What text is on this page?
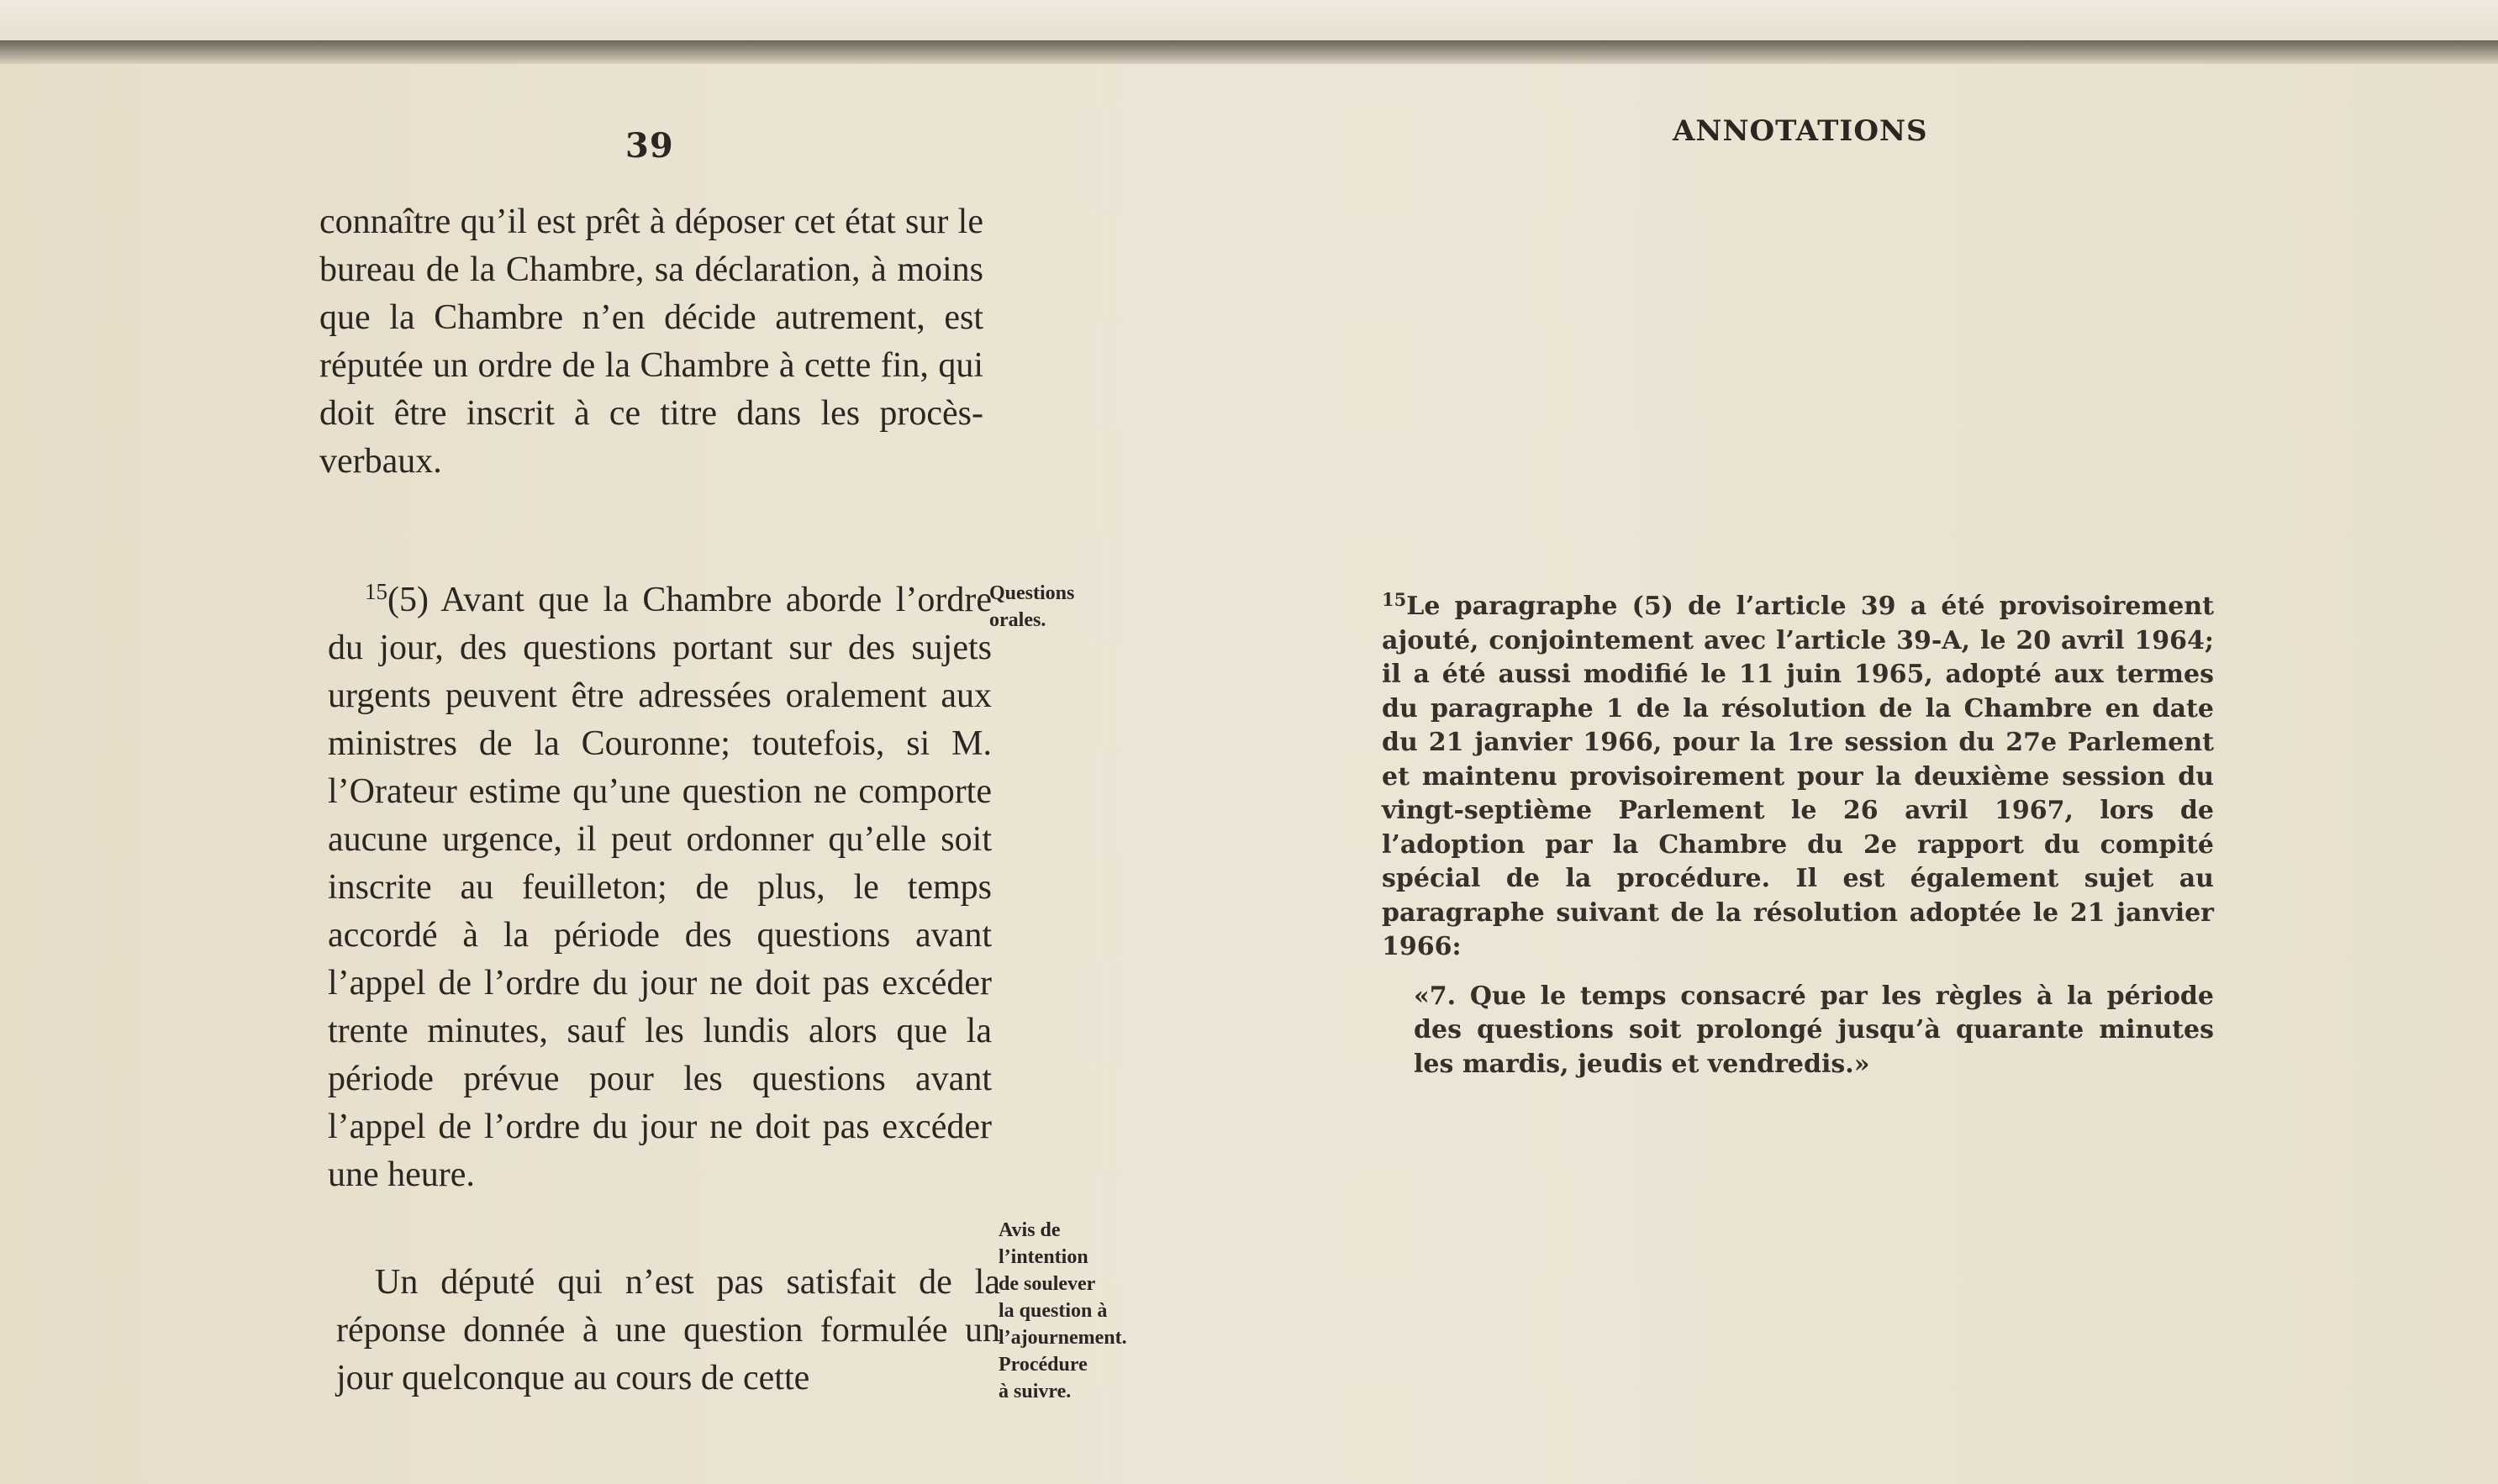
39	ANNOTATIONS

connaître qu’il est prêt à déposer cet état sur le bureau de la Chambre, sa déclaration, à moins que la Chambre n’en décide autrement, est réputée un ordre de la Chambre à cette fin, qui doit être inscrit à ce titre dans les procès-verbaux.

$^{15}$(5) Avant que la Chambre aborde l’ordre du jour, des questions portant sur des sujets urgents peuvent être adressées oralement aux ministres de la Couronne; toutefois, si M. l’Orateur estime qu’une question ne comporte aucune urgence, il peut ordonner qu’elle soit inscrite au feuilleton; de plus, le temps accordé à la période des questions avant l’appel de l’ordre du jour ne doit pas excéder trente minutes, sauf les lundis alors que la période prévue pour les questions avant l’appel de l’ordre du jour ne doit pas excéder une heure.

Un député qui n’est pas satisfait de la réponse donnée à une question formulée un jour quelconque au cours de cette

Questions
orales.
Avis de
l’intention
de soulever
la question à
l’ajournement.
Procédure
à suivre.

$^{15}$Le paragraphe (5) de l’article 39 a été provisoirement ajouté, conjointement avec l’article 39-A, le 20 avril 1964; il a été aussi modifié le 11 juin 1965, adopté aux termes du paragraphe 1 de la résolution de la Chambre en date du 21 janvier 1966, pour la 1re session du 27e Parlement et maintenu provisoirement pour la deuxième session du vingt-septième Parlement le 26 avril 1967, lors de l’adoption par la Chambre du 2e rapport du compité spécial de la procédure. Il est également sujet au paragraphe suivant de la résolution adoptée le 21 janvier 1966:

«7. Que le temps consacré par les règles à la période des questions soit prolongé jusqu’à quarante minutes les mardis, jeudis et vendredis.»
